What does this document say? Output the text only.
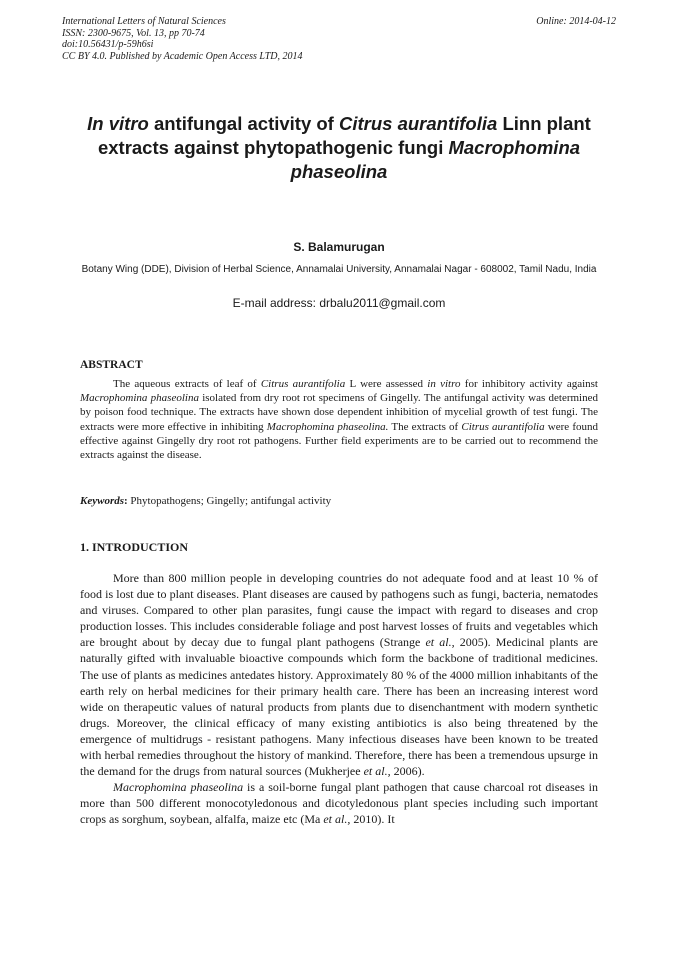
International Letters of Natural Sciences
ISSN: 2300-9675, Vol. 13, pp 70-74
doi:10.56431/p-59h6si
CC BY 4.0. Published by Academic Open Access LTD, 2014
Online: 2014-04-12
In vitro antifungal activity of Citrus aurantifolia Linn plant extracts against phytopathogenic fungi Macrophomina phaseolina
S. Balamurugan
Botany Wing (DDE), Division of Herbal Science, Annamalai University, Annamalai Nagar - 608002, Tamil Nadu, India
E-mail address: drbalu2011@gmail.com
ABSTRACT

The aqueous extracts of leaf of Citrus aurantifolia L were assessed in vitro for inhibitory activity against Macrophomina phaseolina isolated from dry root rot specimens of Gingelly. The antifungal activity was determined by poison food technique. The extracts have shown dose dependent inhibition of mycelial growth of test fungi. The extracts were more effective in inhibiting Macrophomina phaseolina. The extracts of Citrus aurantifolia were found effective against Gingelly dry root rot pathogens. Further field experiments are to be carried out to recommend the extracts against the disease.

Keywords: Phytopathogens; Gingelly; antifungal activity
1. INTRODUCTION

More than 800 million people in developing countries do not adequate food and at least 10 % of food is lost due to plant diseases. Plant diseases are caused by pathogens such as fungi, bacteria, nematodes and viruses. Compared to other plan parasites, fungi cause the impact with regard to diseases and crop production losses. This includes considerable foliage and post harvest losses of fruits and vegetables which are brought about by decay due to fungal plant pathogens (Strange et al., 2005). Medicinal plants are naturally gifted with invaluable bioactive compounds which form the backbone of traditional medicines. The use of plants as medicines antedates history. Approximately 80 % of the 4000 million inhabitants of the earth rely on herbal medicines for their primary health care. There has been an increasing interest word wide on therapeutic values of natural products from plants due to disenchantment with modern synthetic drugs. Moreover, the clinical efficacy of many existing antibiotics is also being threatened by the emergence of multidrugs - resistant pathogens. Many infectious diseases have been known to be treated with herbal remedies throughout the history of mankind. Therefore, there has been a tremendous upsurge in the demand for the drugs from natural sources (Mukherjee et al., 2006).

Macrophomina phaseolina is a soil-borne fungal plant pathogen that cause charcoal rot diseases in more than 500 different monocotyledonous and dicotyledonous plant species including such important crops as sorghum, soybean, alfalfa, maize etc (Ma et al., 2010). It
